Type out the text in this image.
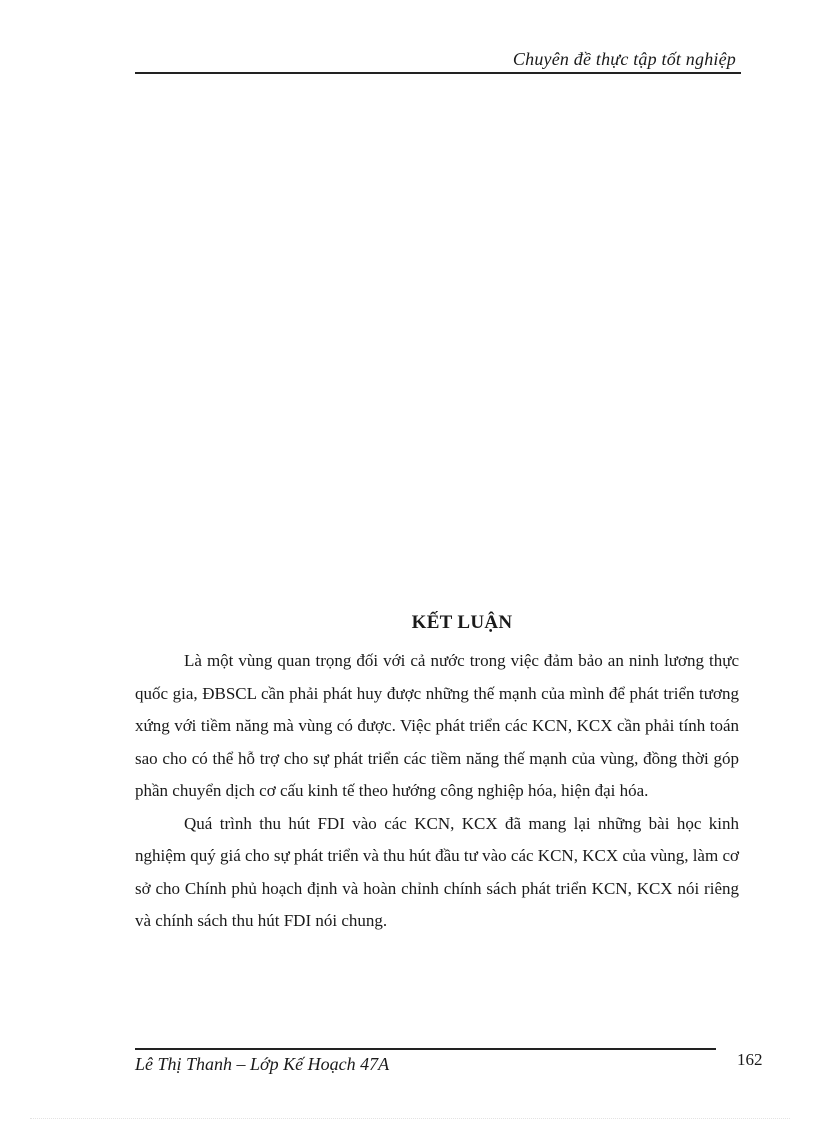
Chuyên đề thực tập tốt nghiệp
KẾT LUẬN

Là một vùng quan trọng đối với cả nước trong việc đảm bảo an ninh lương thực quốc gia, ĐBSCL cần phải phát huy được những thế mạnh của mình để phát triển tương xứng với tiềm năng mà vùng có được. Việc phát triển các KCN, KCX cần phải tính toán sao cho có thể hỗ trợ cho sự phát triển các tiềm năng thế mạnh của vùng, đồng thời góp phần chuyển dịch cơ cấu kinh tế theo hướng công nghiệp hóa, hiện đại hóa.

Quá trình thu hút FDI vào các KCN, KCX đã mang lại những bài học kinh nghiệm quý giá cho sự phát triển và thu hút đầu tư vào các KCN, KCX của vùng, làm cơ sở cho Chính phủ hoạch định và hoàn chỉnh chính sách phát triển KCN, KCX nói riêng và chính sách thu hút FDI nói chung.

Lê Thị Thanh – Lớp Kế Hoạch 47A	162
